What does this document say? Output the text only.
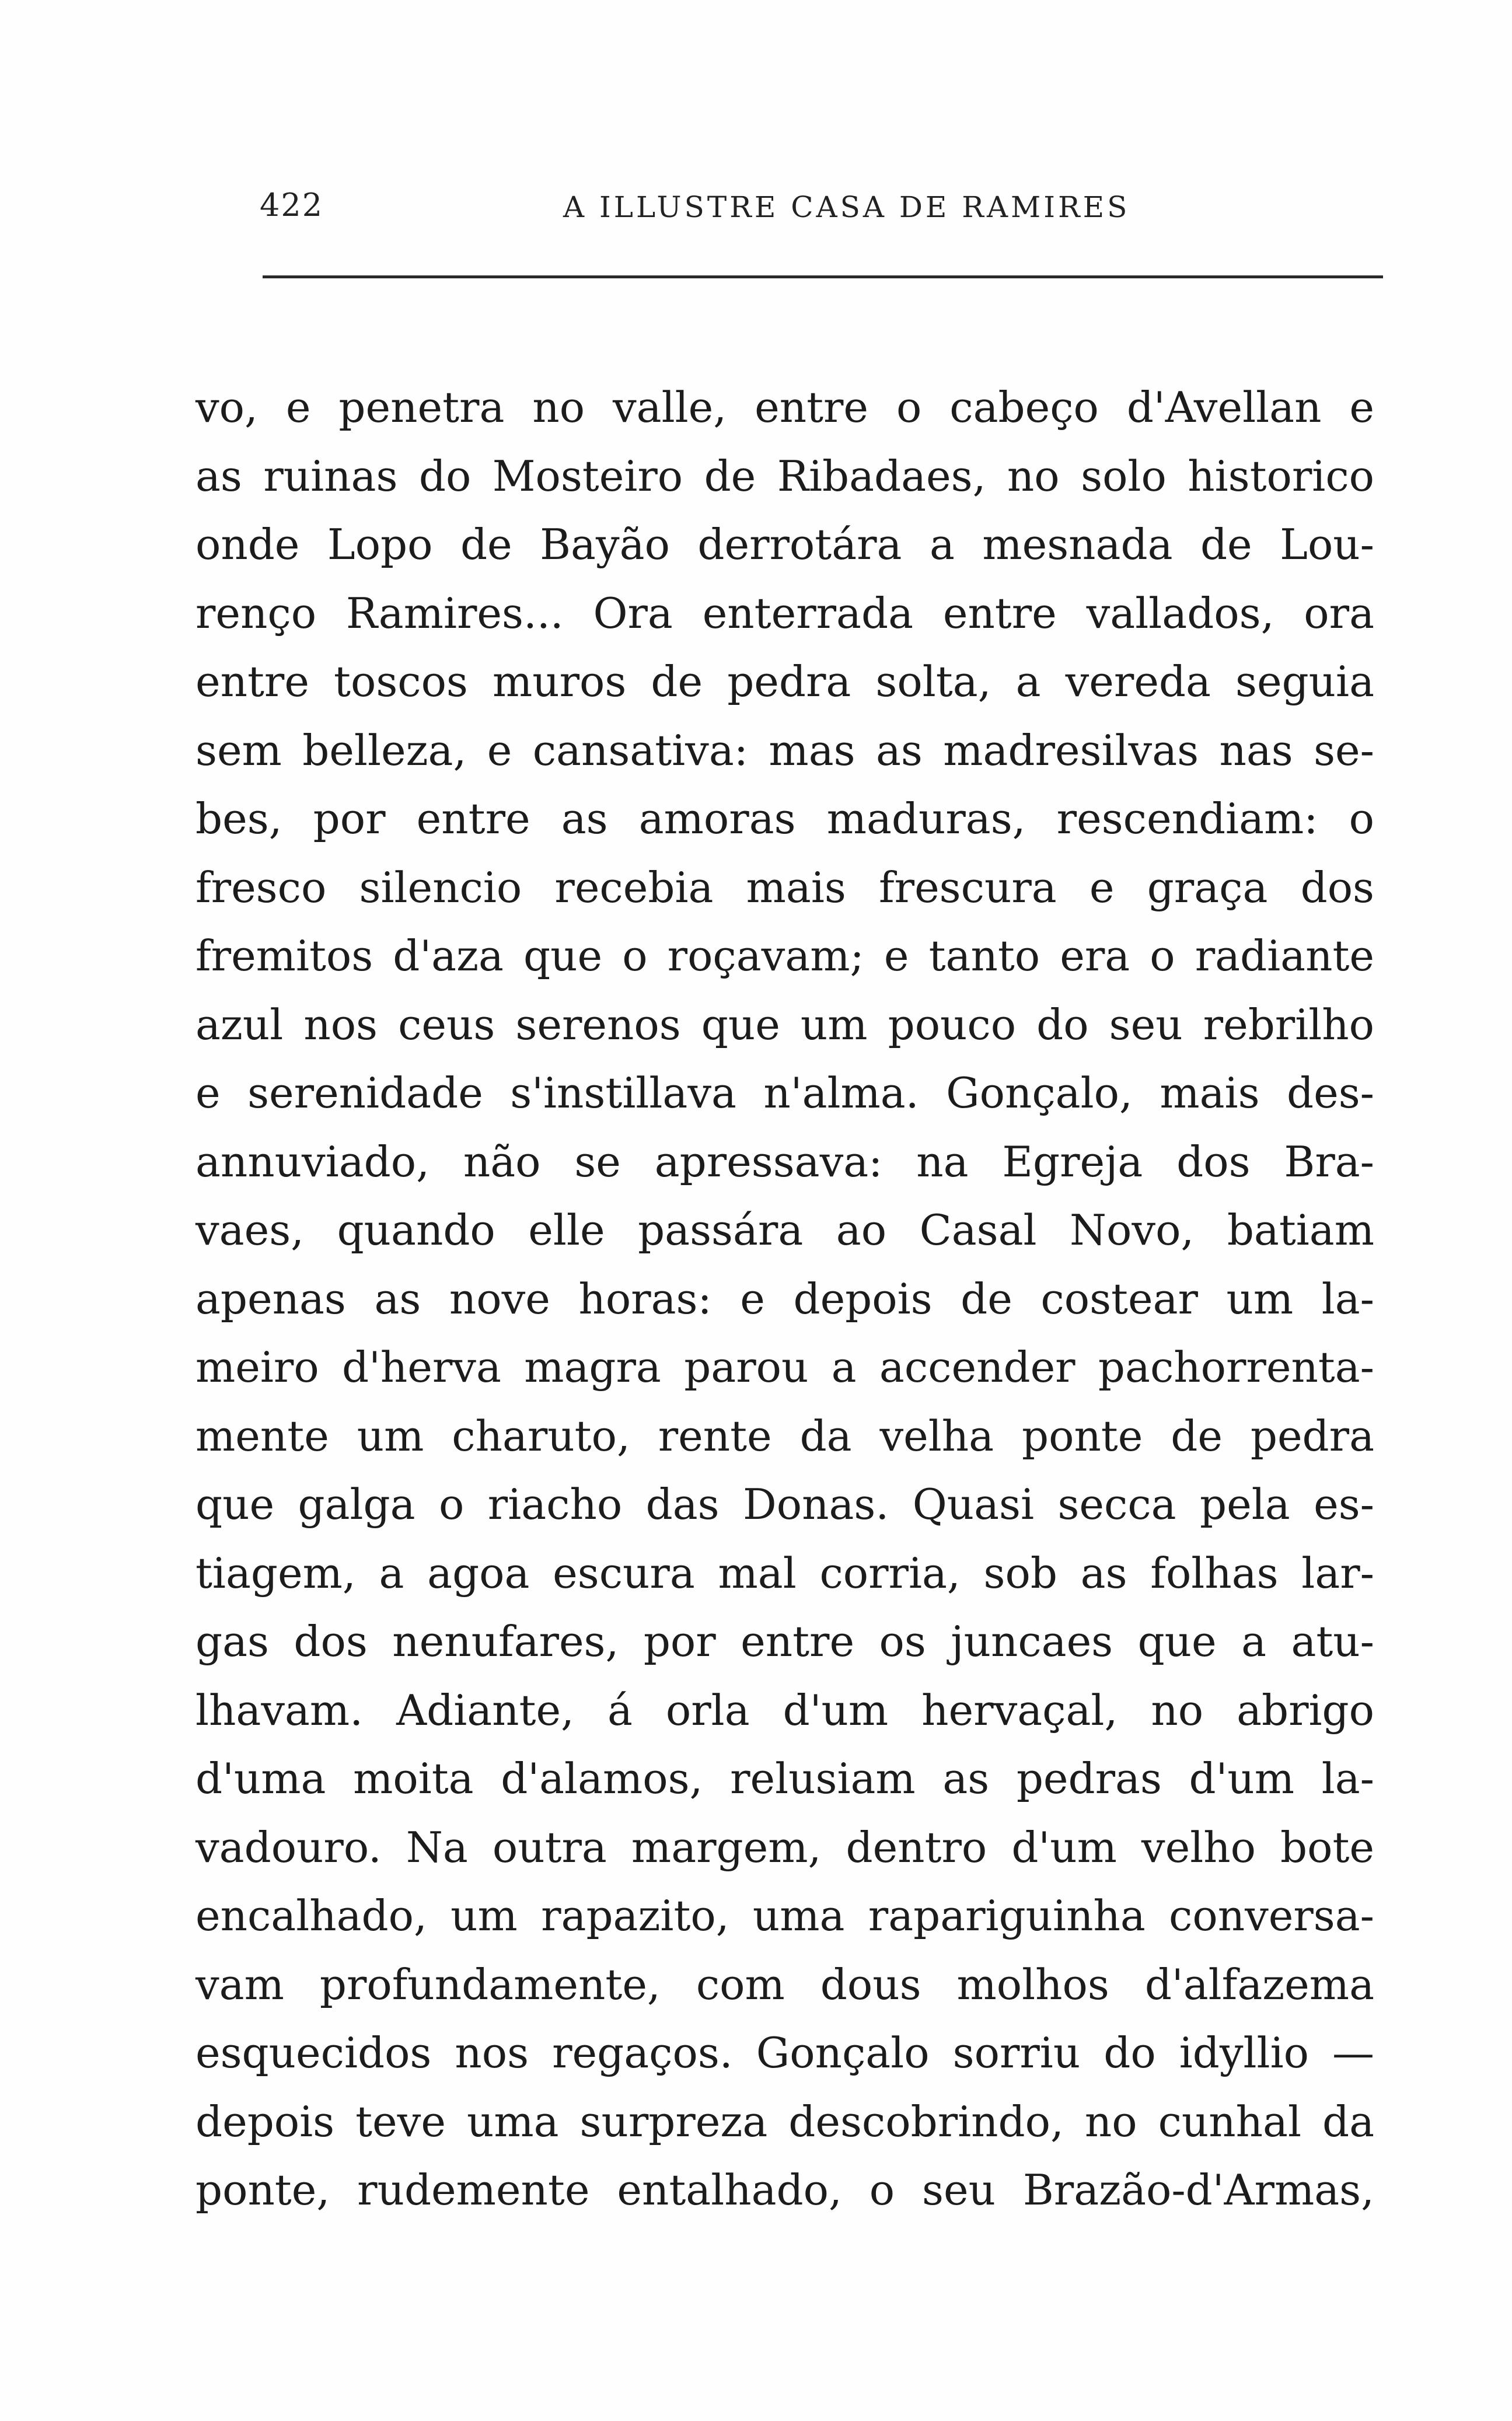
422	A ILLUSTRE CASA DE RAMIRES
vo, e penetra no valle, entre o cabeço d'Avellan e
as ruinas do Mosteiro de Ribadaes, no solo historico
onde Lopo de Bayão derrotára a mesnada de Lou-
renço Ramires... Ora enterrada entre vallados, ora
entre toscos muros de pedra solta, a vereda seguia
sem belleza, e cansativa: mas as madresilvas nas se-
bes, por entre as amoras maduras, rescendiam: o
fresco silencio recebia mais frescura e graça dos
fremitos d'aza que o roçavam; e tanto era o radiante
azul nos ceus serenos que um pouco do seu rebrilho
e serenidade s'instillava n'alma. Gonçalo, mais des-
annuviado, não se apressava: na Egreja dos Bra-
vaes, quando elle passára ao Casal Novo, batiam
apenas as nove horas: e depois de costear um la-
meiro d'herva magra parou a accender pachorrenta-
mente um charuto, rente da velha ponte de pedra
que galga o riacho das Donas. Quasi secca pela es-
tiagem, a agoa escura mal corria, sob as folhas lar-
gas dos nenufares, por entre os juncaes que a atu-
lhavam. Adiante, á orla d'um hervaçal, no abrigo
d'uma moita d'alamos, relusiam as pedras d'um la-
vadouro. Na outra margem, dentro d'um velho bote
encalhado, um rapazito, uma rapariguinha conversa-
vam profundamente, com dous molhos d'alfazema
esquecidos nos regaços. Gonçalo sorriu do idyllio —
depois teve uma surpreza descobrindo, no cunhal da
ponte, rudemente entalhado, o seu Brazão-d'Armas,
